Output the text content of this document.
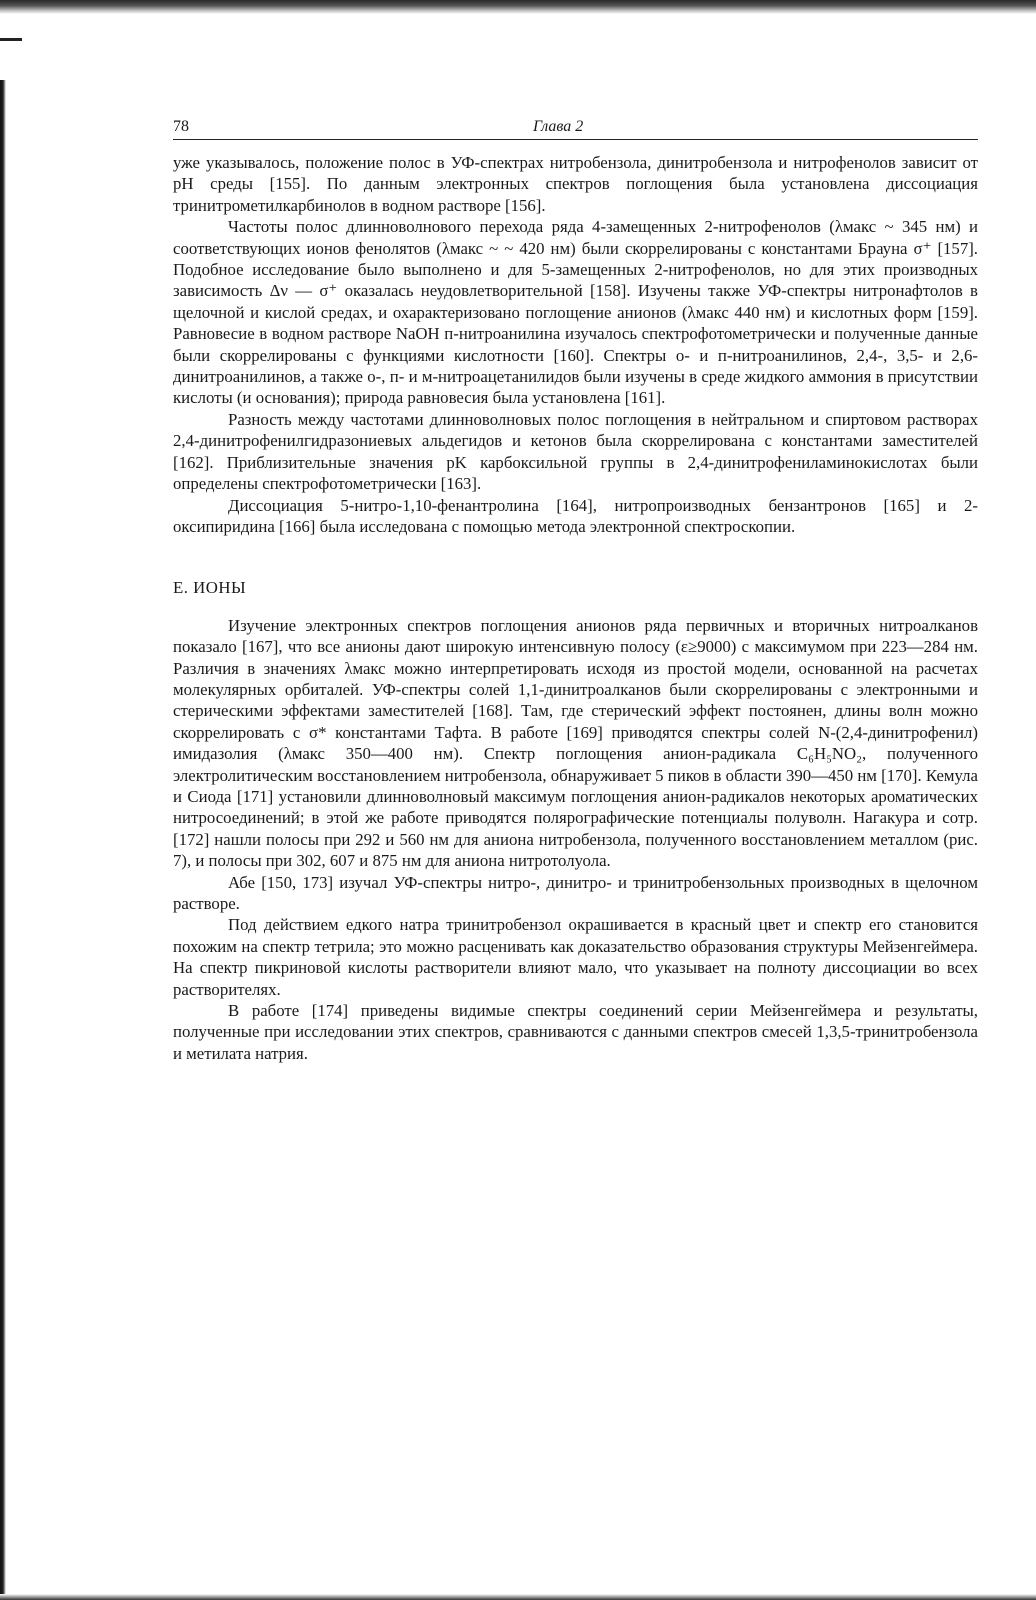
78	Глава 2

уже указывалось, положение полос в УФ-спектрах нитробензола, динитробензола и нитрофенолов зависит от pH среды [155]. По данным электронных спектров поглощения была установлена диссоциация тринитрометилкарбинолов в водном растворе [156].

Частоты полос длинноволнового перехода ряда 4-замещенных 2-нитрофенолов (λмакс ~ 345 нм) и соответствующих ионов фенолятов (λмакс ~ ~ 420 нм) были скоррелированы с константами Брауна σ⁺ [157]. Подобное исследование было выполнено и для 5-замещенных 2-нитрофенолов, но для этих производных зависимость Δν — σ⁺ оказалась неудовлетворительной [158]. Изучены также УФ-спектры нитронафтолов в щелочной и кислой средах, и охарактеризовано поглощение анионов (λмакс 440 нм) и кислотных форм [159]. Равновесие в водном растворе NaOH п-нитроанилина изучалось спектрофотометрически и полученные данные были скоррелированы с функциями кислотности [160]. Спектры о- и п-нитроанилинов, 2,4-, 3,5- и 2,6-динитроанилинов, а также о-, п- и м-нитроацетанилидов были изучены в среде жидкого аммония в присутствии кислоты (и основания); природа равновесия была установлена [161].

Разность между частотами длинноволновых полос поглощения в нейтральном и спиртовом растворах 2,4-динитрофенилгидразониевых альдегидов и кетонов была скоррелирована с константами заместителей [162]. Приблизительные значения pK карбоксильной группы в 2,4-динитрофениламинокислотах были определены спектрофотометрически [163].

Диссоциация 5-нитро-1,10-фенантролина [164], нитропроизводных бензантронов [165] и 2-оксипиридина [166] была исследована с помощью метода электронной спектроскопии.

Е. ИОНЫ

Изучение электронных спектров поглощения анионов ряда первичных и вторичных нитроалканов показало [167], что все анионы дают широкую интенсивную полосу (ε≥9000) с максимумом при 223—284 нм. Различия в значениях λмакс можно интерпретировать исходя из простой модели, основанной на расчетах молекулярных орбиталей. УФ-спектры солей 1,1-динитроалканов были скоррелированы с электронными и стерическими эффектами заместителей [168]. Там, где стерический эффект постоянен, длины волн можно скоррелировать с σ* константами Тафта. В работе [169] приводятся спектры солей N-(2,4-динитрофенил) имидазолия (λмакс 350—400 нм). Спектр поглощения анион-радикала C₆H₅NO₂, полученного электролитическим восстановлением нитробензола, обнаруживает 5 пиков в области 390—450 нм [170]. Кемула и Сиода [171] установили длинноволновый максимум поглощения анион-радикалов некоторых ароматических нитросоединений; в этой же работе приводятся полярографические потенциалы полуволн. Нагакура и сотр. [172] нашли полосы при 292 и 560 нм для аниона нитробензола, полученного восстановлением металлом (рис. 7), и полосы при 302, 607 и 875 нм для аниона нитротолуола.

Абе [150, 173] изучал УФ-спектры нитро-, динитро- и тринитробензольных производных в щелочном растворе.

Под действием едкого натра тринитробензол окрашивается в красный цвет и спектр его становится похожим на спектр тетрила; это можно расценивать как доказательство образования структуры Мейзенгеймера. На спектр пикриновой кислоты растворители влияют мало, что указывает на полноту диссоциации во всех растворителях.

В работе [174] приведены видимые спектры соединений серии Мейзенгеймера и результаты, полученные при исследовании этих спектров, сравниваются с данными спектров смесей 1,3,5-тринитробензола и метилата натрия.
